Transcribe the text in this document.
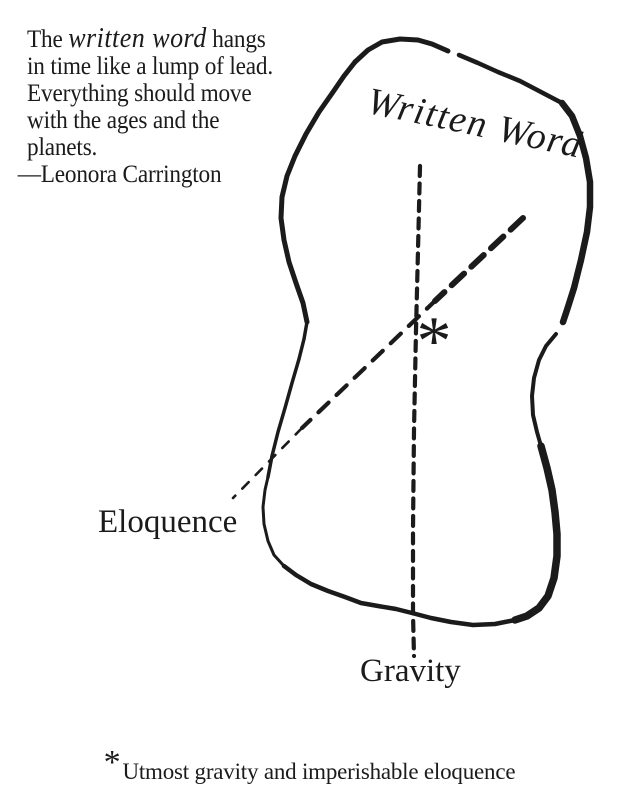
The written word hangs
in time like a lump of lead.
Everything should move
with the ages and the
planets.
—Leonora Carrington
*
Written Word
Eloquence
Gravity
*Utmost gravity and imperishable eloquence
